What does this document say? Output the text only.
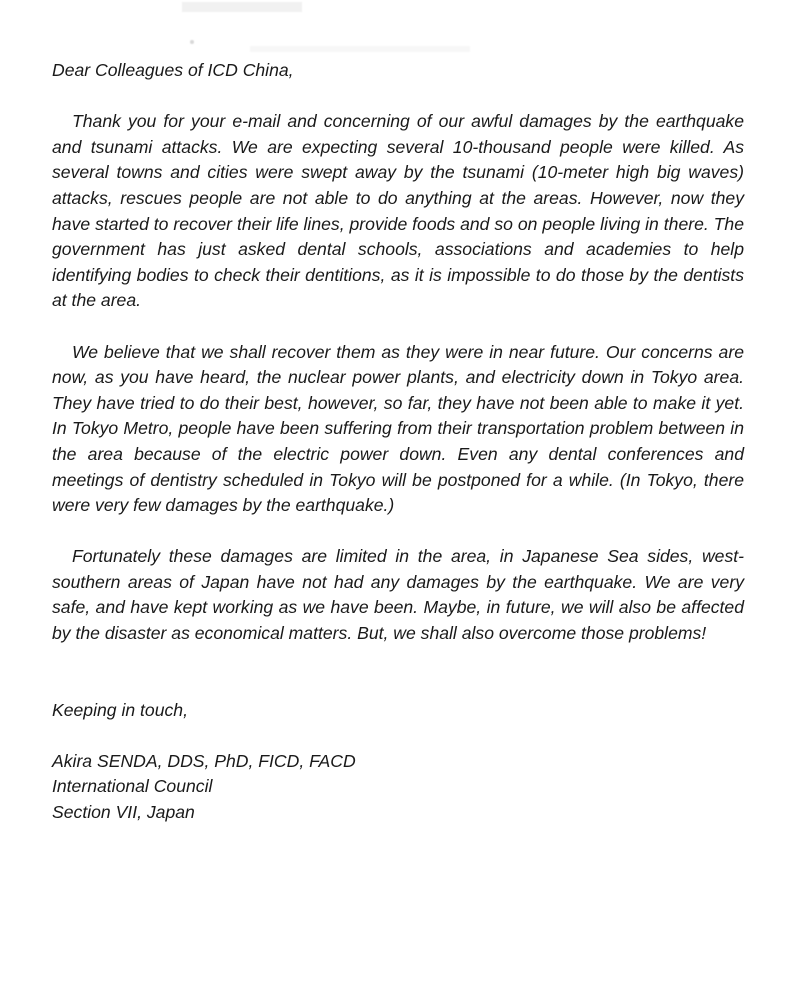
Dear Colleagues of ICD China,

Thank you for your e-mail and concerning of our awful damages by the earthquake and tsunami attacks. We are expecting several 10-thousand people were killed. As several towns and cities were swept away by the tsunami (10-meter high big waves) attacks, rescues people are not able to do anything at the areas. However, now they have started to recover their life lines, provide foods and so on people living in there. The government has just asked dental schools, associations and academies to help identifying bodies to check their dentitions, as it is impossible to do those by the dentists at the area.

We believe that we shall recover them as they were in near future. Our concerns are now, as you have heard, the nuclear power plants, and electricity down in Tokyo area. They have tried to do their best, however, so far, they have not been able to make it yet. In Tokyo Metro, people have been suffering from their transportation problem between in the area because of the electric power down. Even any dental conferences and meetings of dentistry scheduled in Tokyo will be postponed for a while. (In Tokyo, there were very few damages by the earthquake.)

Fortunately these damages are limited in the area, in Japanese Sea sides, west-southern areas of Japan have not had any damages by the earthquake. We are very safe, and have kept working as we have been. Maybe, in future, we will also be affected by the disaster as economical matters. But, we shall also overcome those problems!

Keeping in touch,

Akira SENDA, DDS, PhD, FICD, FACD

International Council

Section VII, Japan
